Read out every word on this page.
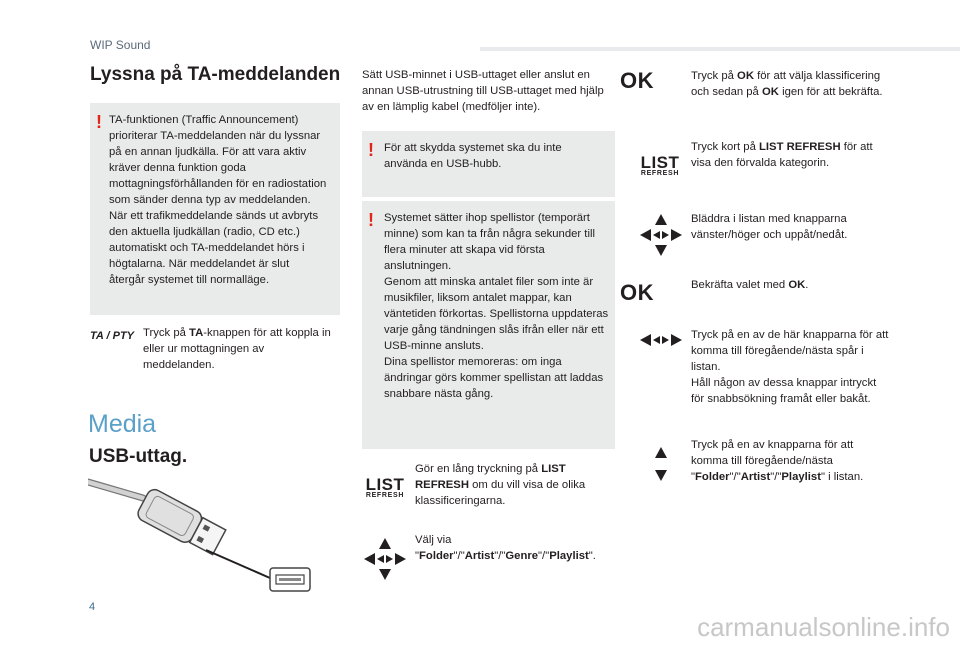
WIP Sound
Lyssna på TA-meddelanden
! TA-funktionen (Traffic Announcement) prioriterar TA-meddelanden när du lyssnar på en annan ljudkälla. För att vara aktiv kräver denna funktion goda mottagningsförhållanden för en radiostation som sänder denna typ av meddelanden. När ett trafikmeddelande sänds ut avbryts den aktuella ljudkällan (radio, CD etc.) automatiskt och TA-meddelandet hörs i högtalarna. När meddelandet är slut återgår systemet till normalläge.
TA / PTY Tryck på TA-knappen för att koppla in eller ur mottagningen av meddelanden.
Media
USB-uttag.
Sätt USB-minnet i USB-uttaget eller anslut en annan USB-utrustning till USB-uttaget med hjälp av en lämplig kabel (medföljer inte).
! För att skydda systemet ska du inte använda en USB-hubb.
! Systemet sätter ihop spellistor (temporärt minne) som kan ta från några sekunder till flera minuter att skapa vid första anslutningen.
Genom att minska antalet filer som inte är musikfiler, liksom antalet mappar, kan väntetiden förkortas. Spellistorna uppdateras varje gång tändningen slås ifrån eller när ett USB-minne ansluts.
Dina spellistor memoreras: om inga ändringar görs kommer spellistan att laddas snabbare nästa gång.
LIST
REFRESH
Gör en lång tryckning på LIST REFRESH om du vill visa de olika klassificeringarna.
Välj via "Folder"/"Artist"/"Genre"/"Playlist".
OK	Tryck på OK för att välja klassificering och sedan på OK igen för att bekräfta.
LIST
REFRESH
Tryck kort på LIST REFRESH för att visa den förvalda kategorin.
Bläddra i listan med knapparna vänster/höger och uppåt/nedåt.
OK	Bekräfta valet med OK.
Tryck på en av de här knapparna för att komma till föregående/nästa spår i listan.
Håll någon av dessa knappar intryckt för snabbsökning framåt eller bakåt.
Tryck på en av knapparna för att komma till föregående/nästa "Folder"/"Artist"/"Playlist" i listan.
4
carmanualsonline.info
